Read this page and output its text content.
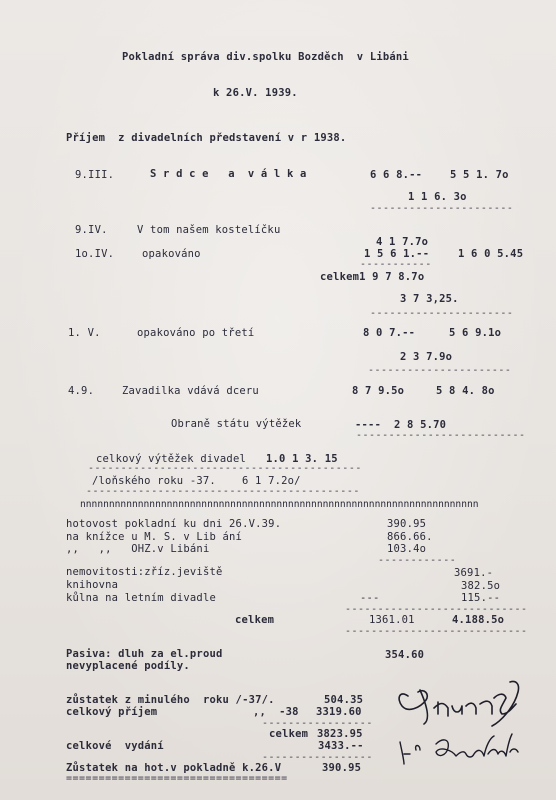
Pokladní správa div.spolku Bozděch  v Libáni
k 26.V. 1939.
Příjem  z divadelních představení v r 1938.
9.III.	S r d c e   a  v á l k a	6 6 8.--	5 5 1. 7o
1 1 6. 3o
----------------------
9.IV.	V tom našem kostelíčku
4 1 7.7o
1o.IV.	opakováno	1 5 6 1.--	1 6 0 5.45
-----------
celkem1 9 7 8.7o
3 7 3,25.
----------------------
1. V.	opakováno po třetí	8 0 7.--	5 6 9.1o
2 3 7.9o
----------------------
4.9.	Zavadilka vdává dceru	8 7 9.5o	5 8 4. 8o
Obraně státu výtěžek	---- 2 8 5.70
--------------------------
celkový výtěžek divadel 1.0 1 3. 15
------------------------------------------
/loňského roku -37.    6 1 7.2o/
------------------------------------------
nnnnnnnnnnnnnnnnnnnnnnnnnnnnnnnnnnnnnnnnnnnnnnnnnnnnnnnnnnnnnnnnnnnnn
hotovost pokladní ku dni 26.V.39.	390.95
na knížce u M. S. v Lib ání	866.66.
,,   ,,   OHZ.v Libáni	103.4o
------------
nemovitosti:zříz.jeviště	3691.-
knihovna	382.5o
kůlna na letním divadle	---	115.--
----------------------------
celkem	1361.01	4.188.5o
----------------------------
Pasiva: dluh za el.proud	354.60
nevyplacené podíly.
zůstatek z minulého  roku /-37/.	504.35
celkový příjem	,,  -38 3319.60
-----------------
celkem 3823.95
celkové  vydání	3433.--
-----------------
Zůstatek na hot.v pokladně k.26.V	390.95
==================================
